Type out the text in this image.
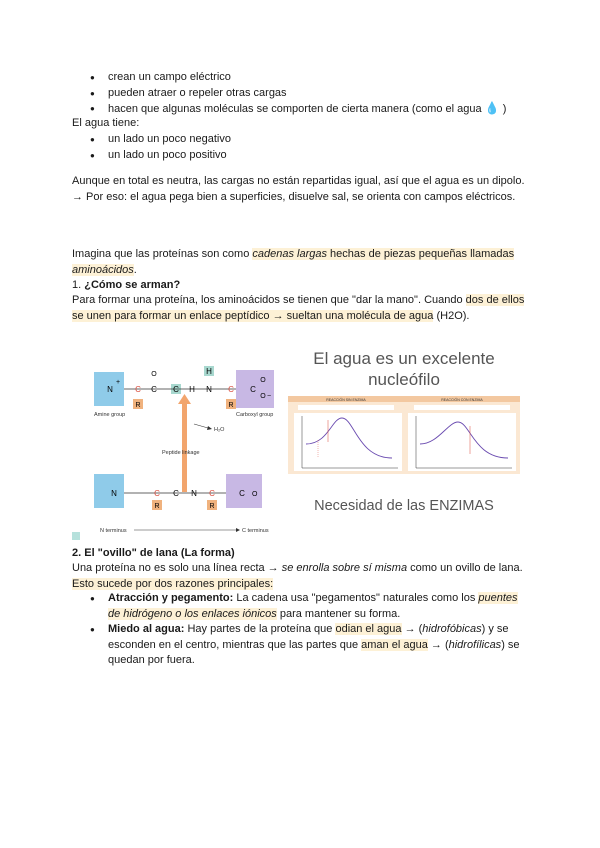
● crean un campo eléctrico
● pueden atraer o repeler otras cargas
● hacen que algunas moléculas se comporten de cierta manera (como el agua 💧 )
El agua tiene:
● un lado un poco negativo
● un lado un poco positivo
Aunque en total es neutra, las cargas no están repartidas igual, así que el agua es un dipolo. → Por eso: el agua pega bien a superficies, disuelve sal, se orienta con campos eléctricos.
Imagina que las proteínas son como cadenas largas hechas de piezas pequeñas llamadas aminoácidos.
1. ¿Cómo se arman?
Para formar una proteína, los aminoácidos se tienen que "dar la mano". Cuando dos de ellos se unen para formar un enlace peptídico → sueltan una molécula de agua (H2O).
N	C C C H N C C
H
R	R
O
O
O
+
−
Amine group	Carboxyl group
H₂O
Peptide linkage
N	C C N C	C
R	R
O
N terminus	C terminus
El agua es un excelente
nucleófilo
REACCIÓN SIN ENZIMA	REACCIÓN CON ENZIMA
Necesidad de las ENZIMAS
2. El "ovillo" de lana (La forma)
Una proteína no es solo una línea recta → se enrolla sobre sí misma como un ovillo de lana.
Esto sucede por dos razones principales:
● Atracción y pegamento: La cadena usa "pegamentos" naturales como los puentes de hidrógeno o los enlaces iónicos para mantener su forma.
● Miedo al agua: Hay partes de la proteína que odian el agua → (hidrofóbicas) y se esconden en el centro, mientras que las partes que aman el agua → (hidrofílicas) se quedan por fuera.
